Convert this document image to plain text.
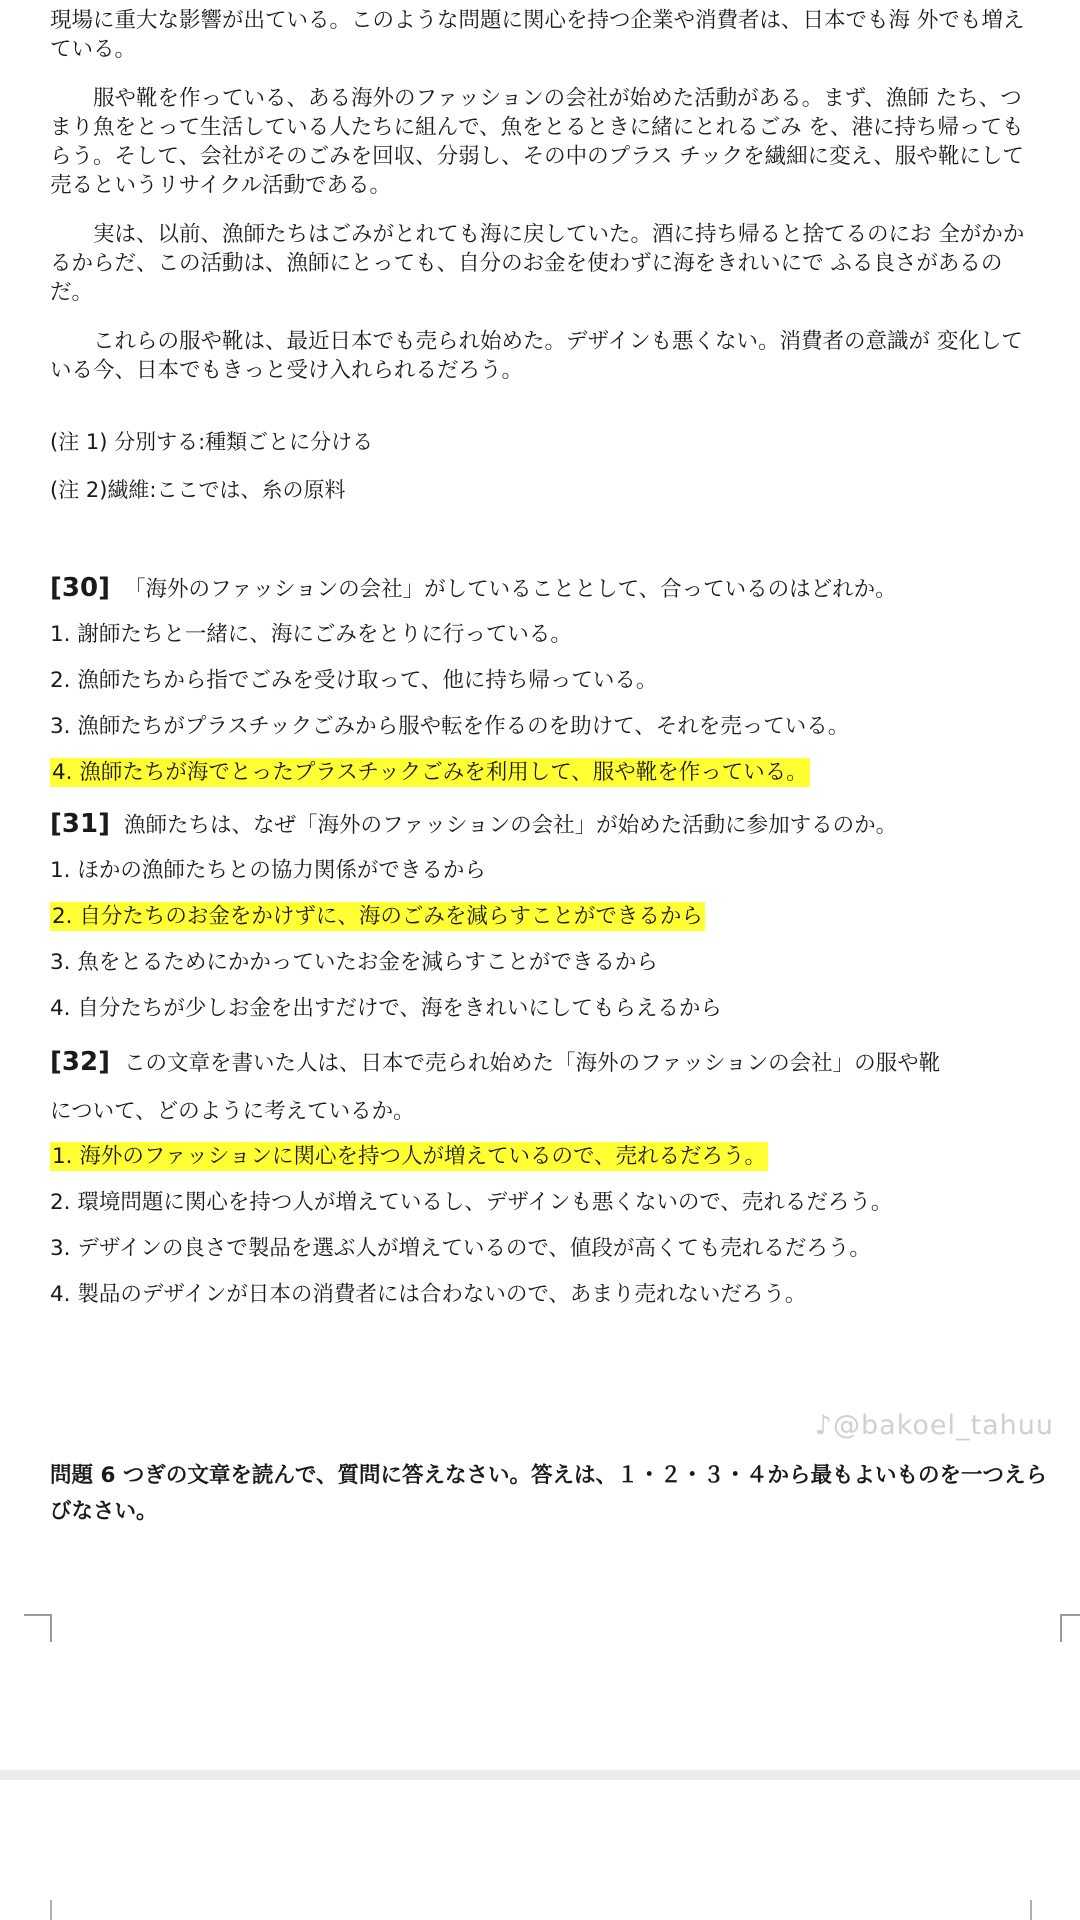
現場に重大な影響が出ている。このような問題に関心を持つ企業や消費者は、日本でも海 外でも増えている。

服や靴を作っている、ある海外のファッションの会社が始めた活動がある。まず、漁師 たち、つまり魚をとって生活している人たちに組んで、魚をとるときに緒にとれるごみ を、港に持ち帰ってもらう。そして、会社がそのごみを回収、分弱し、その中のプラス チックを繊細に変え、服や靴にして売るというリサイクル活動である。

実は、以前、漁師たちはごみがとれても海に戻していた。酒に持ち帰ると捨てるのにお 全がかかるからだ、この活動は、漁師にとっても、自分のお金を使わずに海をきれいにで ふる良さがあるのだ。

これらの服や靴は、最近日本でも売られ始めた。デザインも悪くない。消費者の意識が 変化している今、日本でもきっと受け入れられるだろう。

(注 1) 分別する:種類ごとに分ける
(注 2)繊維:ここでは、糸の原料
[30] 「海外のファッションの会社」がしていることとして、合っているのはどれか。
1. 謝師たちと一緒に、海にごみをとりに行っている。
2. 漁師たちから指でごみを受け取って、他に持ち帰っている。
3. 漁師たちがプラスチックごみから服や転を作るのを助けて、それを売っている。
4. 漁師たちが海でとったプラスチックごみを利用して、服や靴を作っている。
[31] 漁師たちは、なぜ「海外のファッションの会社」が始めた活動に参加するのか。
1. ほかの漁師たちとの協力関係ができるから
2. 自分たちのお金をかけずに、海のごみを減らすことができるから
3. 魚をとるためにかかっていたお金を減らすことができるから
4. 自分たちが少しお金を出すだけで、海をきれいにしてもらえるから
[32] この文章を書いた人は、日本で売られ始めた「海外のファッションの会社」の服や靴
について、どのように考えているか。
1. 海外のファッションに関心を持つ人が増えているので、売れるだろう。
2. 環境問題に関心を持つ人が増えているし、デザインも悪くないので、売れるだろう。
3. デザインの良さで製品を選ぶ人が増えているので、値段が高くても売れるだろう。
4. 製品のデザインが日本の消費者には合わないので、あまり売れないだろう。
♪@bakoel_tahuu
問題 6 つぎの文章を読んで、質問に答えなさい。答えは、１・２・３・４から最もよいものを一つえらびなさい。
